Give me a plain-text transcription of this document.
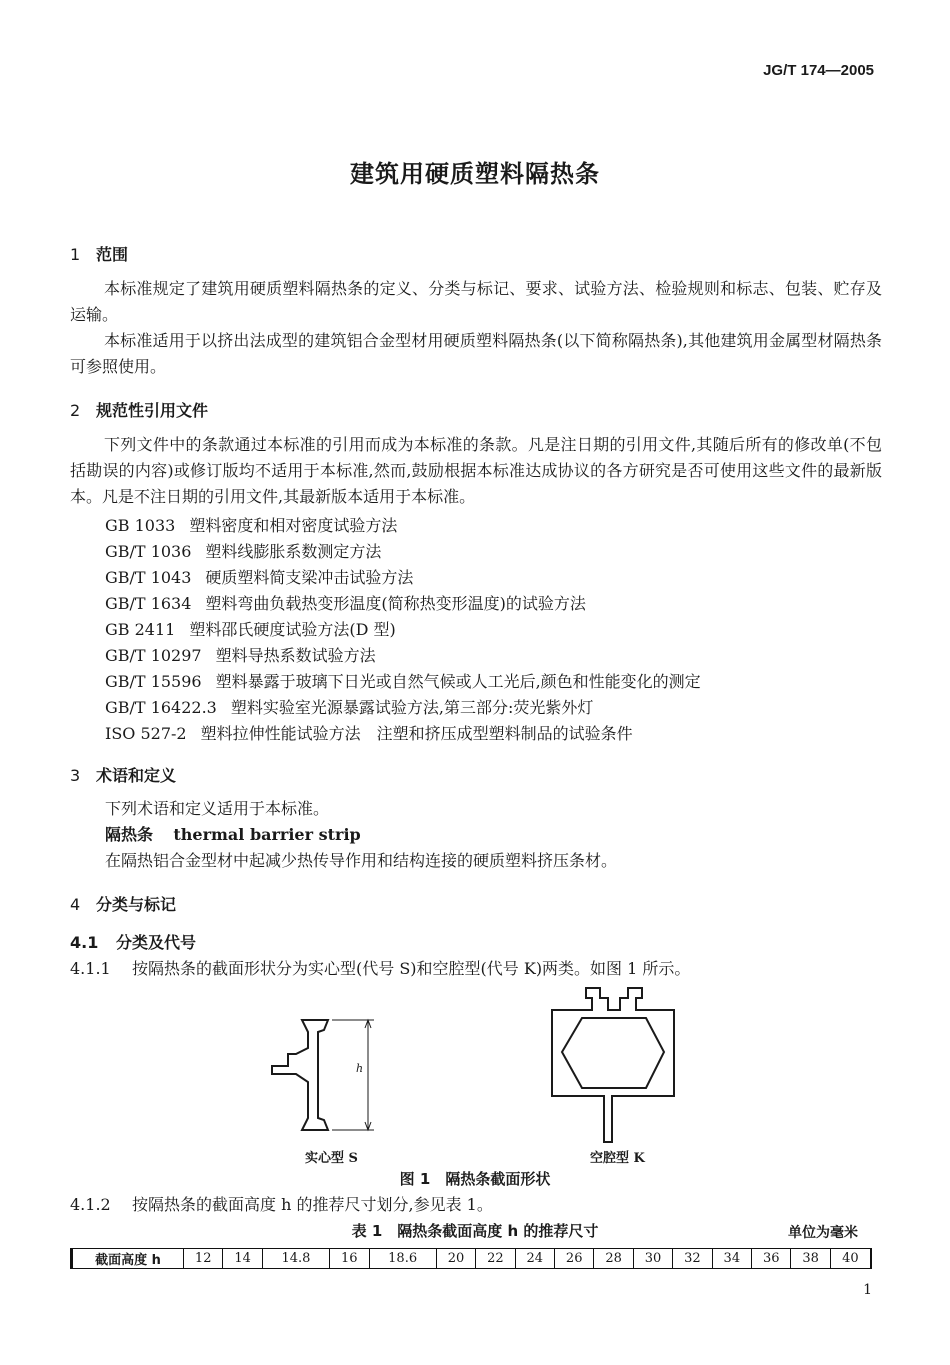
JG/T 174—2005
建筑用硬质塑料隔热条
1 范围
本标准规定了建筑用硬质塑料隔热条的定义、分类与标记、要求、试验方法、检验规则和标志、包装、贮存及运输。
本标准适用于以挤出法成型的建筑铝合金型材用硬质塑料隔热条(以下简称隔热条),其他建筑用金属型材隔热条可参照使用。
2 规范性引用文件
下列文件中的条款通过本标准的引用而成为本标准的条款。凡是注日期的引用文件,其随后所有的修改单(不包括勘误的内容)或修订版均不适用于本标准,然而,鼓励根据本标准达成协议的各方研究是否可使用这些文件的最新版本。凡是不注日期的引用文件,其最新版本适用于本标准。
GB 1033 塑料密度和相对密度试验方法
GB/T 1036 塑料线膨胀系数测定方法
GB/T 1043 硬质塑料简支梁冲击试验方法
GB/T 1634 塑料弯曲负载热变形温度(简称热变形温度)的试验方法
GB 2411 塑料邵氏硬度试验方法(D 型)
GB/T 10297 塑料导热系数试验方法
GB/T 15596 塑料暴露于玻璃下日光或自然气候或人工光后,颜色和性能变化的测定
GB/T 16422.3 塑料实验室光源暴露试验方法,第三部分:荧光紫外灯
ISO 527-2 塑料拉伸性能试验方法　注塑和挤压成型塑料制品的试验条件
3 术语和定义
下列术语和定义适用于本标准。
隔热条 thermal barrier strip
在隔热铝合金型材中起减少热传导作用和结构连接的硬质塑料挤压条材。
4 分类与标记
4.1 分类及代号
4.1.1 按隔热条的截面形状分为实心型(代号 S)和空腔型(代号 K)两类。如图 1 所示。
h
实心型 S	空腔型 K
图 1　隔热条截面形状
4.1.2 按隔热条的截面高度 h 的推荐尺寸划分,参见表 1。
表 1　隔热条截面高度 h 的推荐尺寸	单位为毫米
截面高度 h	12	14	14.8	16	18.6	20	22	24	26	28	30	32	34	36	38	40
1
